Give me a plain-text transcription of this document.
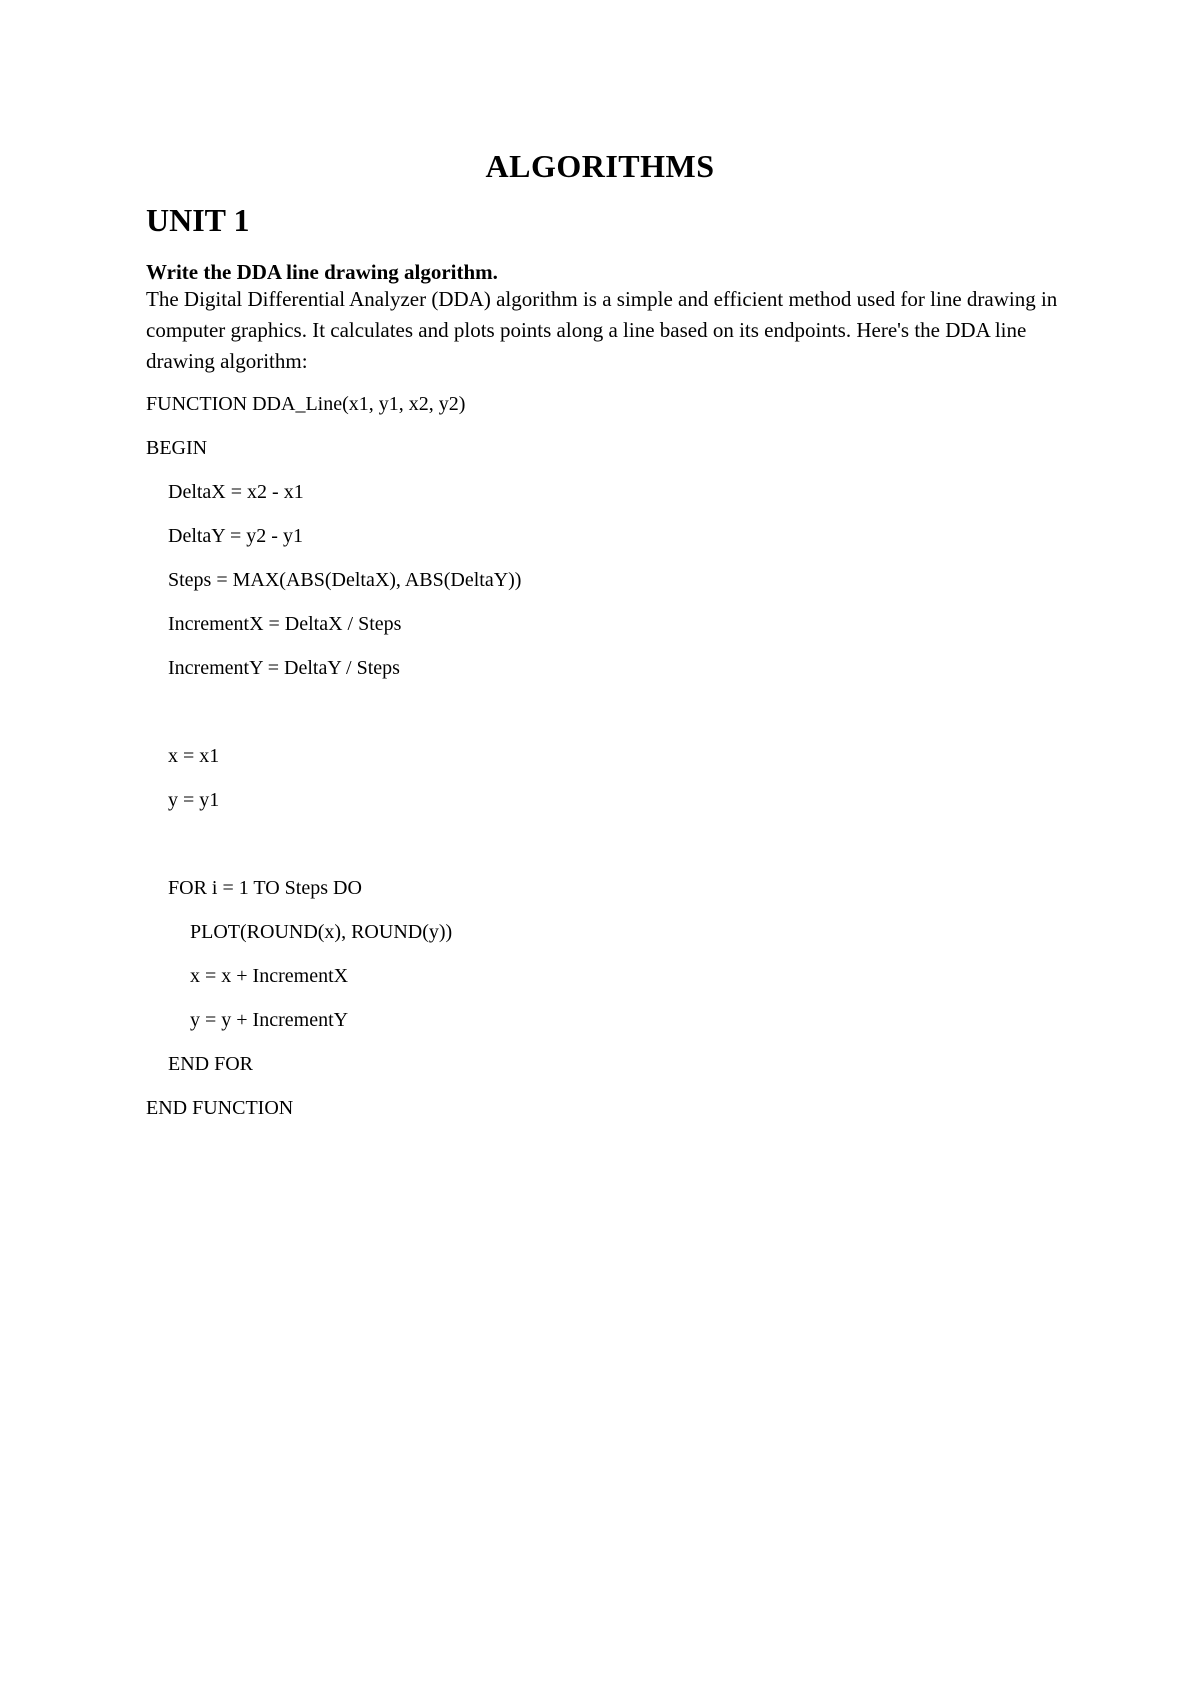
ALGORITHMS
UNIT 1
Write the DDA line drawing algorithm.

The Digital Differential Analyzer (DDA) algorithm is a simple and efficient method used for line drawing in computer graphics. It calculates and plots points along a line based on its endpoints. Here's the DDA line drawing algorithm:

FUNCTION DDA_Line(x1, y1, x2, y2)
BEGIN
DeltaX = x2 - x1
DeltaY = y2 - y1
Steps = MAX(ABS(DeltaX), ABS(DeltaY))
IncrementX = DeltaX / Steps
IncrementY = DeltaY / Steps
x = x1
y = y1
FOR i = 1 TO Steps DO
PLOT(ROUND(x), ROUND(y))
x = x + IncrementX
y = y + IncrementY
END FOR
END FUNCTION
